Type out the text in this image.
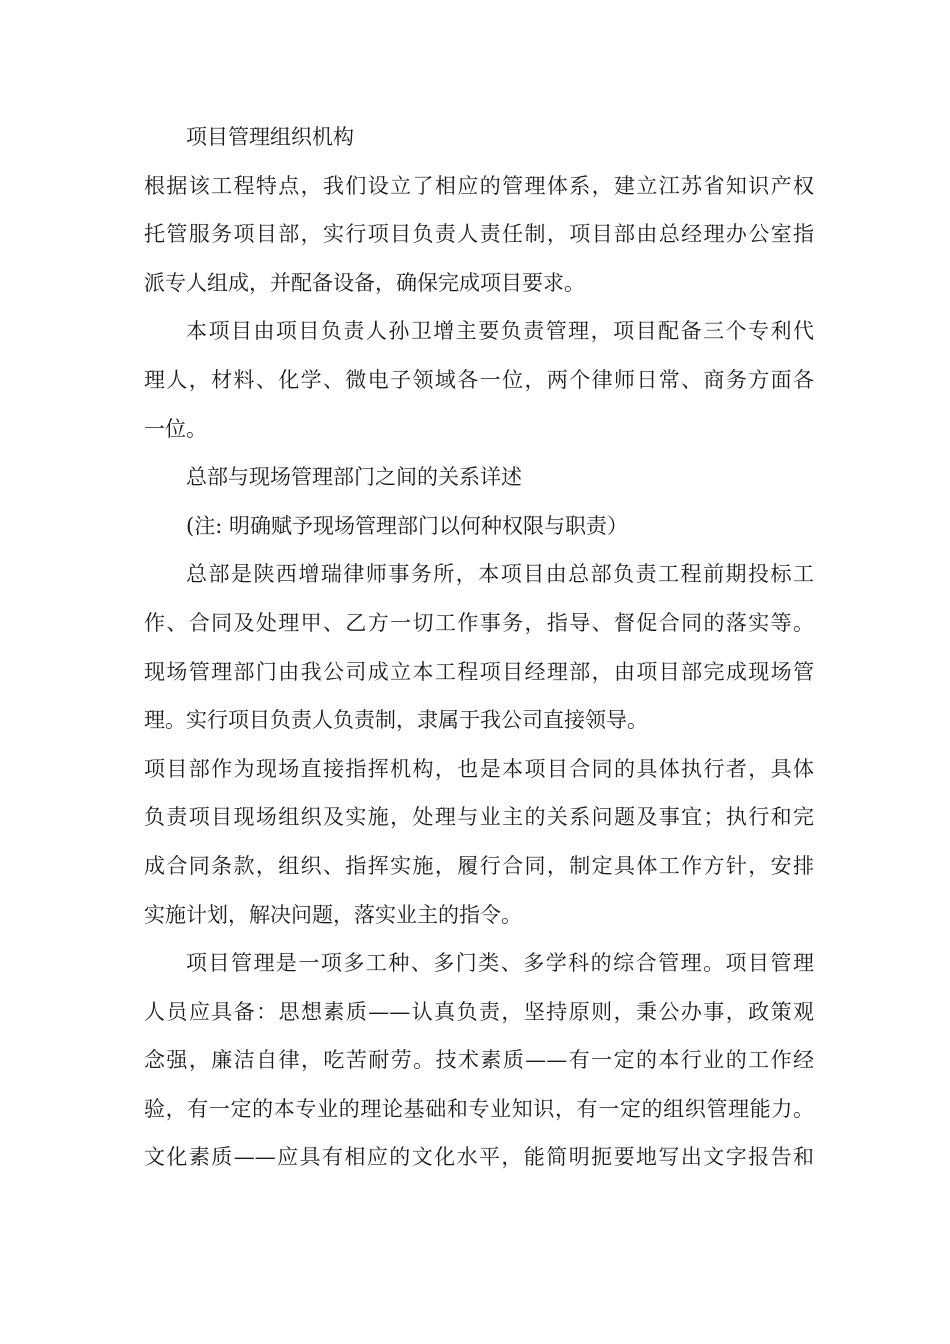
项目管理组织机构
根据该工程特点，我们设立了相应的管理体系，建立江苏省知识产权
托管服务项目部，实行项目负责人责任制，项目部由总经理办公室指
派专人组成，并配备设备，确保完成项目要求。
本项目由项目负责人孙卫增主要负责管理，项目配备三个专利代
理人，材料、化学、微电子领域各一位，两个律师日常、商务方面各
一位。
总部与现场管理部门之间的关系详述
(注: 明确赋予现场管理部门以何种权限与职责）
总部是陕西增瑞律师事务所，本项目由总部负责工程前期投标工
作、合同及处理甲、乙方一切工作事务，指导、督促合同的落实等。
现场管理部门由我公司成立本工程项目经理部，由项目部完成现场管
理。实行项目负责人负责制，隶属于我公司直接领导。
项目部作为现场直接指挥机构，也是本项目合同的具体执行者，具体
负责项目现场组织及实施，处理与业主的关系问题及事宜；执行和完
成合同条款，组织、指挥实施，履行合同，制定具体工作方针，安排
实施计划，解决问题，落实业主的指令。
项目管理是一项多工种、多门类、多学科的综合管理。项目管理
人员应具备：思想素质——认真负责，坚持原则，秉公办事，政策观
念强，廉洁自律，吃苦耐劳。技术素质——有一定的本行业的工作经
验，有一定的本专业的理论基础和专业知识，有一定的组织管理能力。
文化素质——应具有相应的文化水平，能简明扼要地写出文字报告和
